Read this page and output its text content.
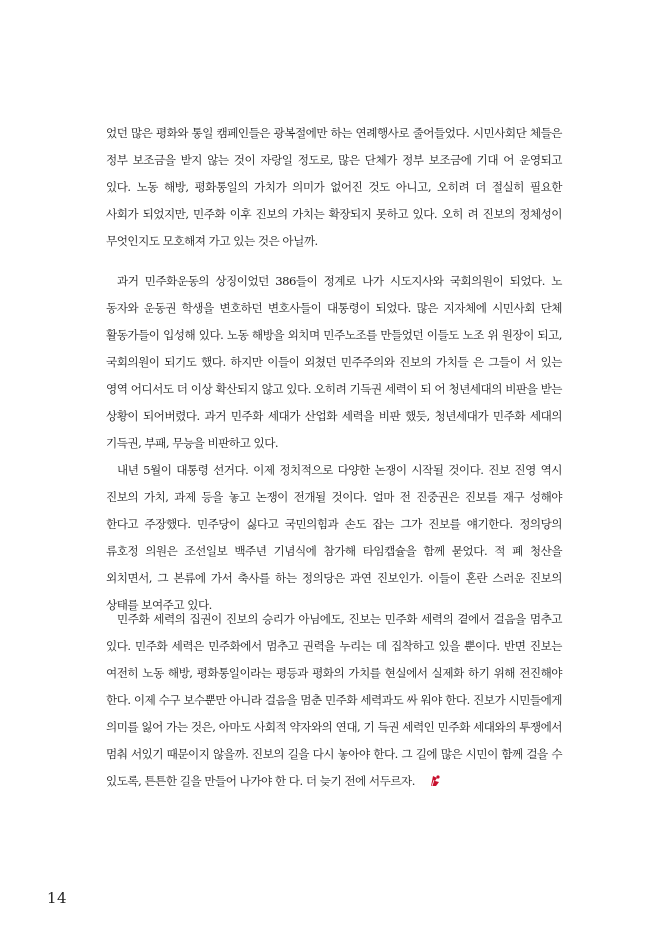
었던 많은 평화와 통일 캠페인들은 광복절에만 하는 연례행사로 줄어들었다. 시민사회단 체들은 정부 보조금을 받지 않는 것이 자랑일 정도로, 많은 단체가 정부 보조금에 기대 어 운영되고 있다. 노동 해방, 평화통일의 가치가 의미가 없어진 것도 아니고, 오히려 더 절실히 필요한 사회가 되었지만, 민주화 이후 진보의 가치는 확장되지 못하고 있다. 오히 려 진보의 정체성이 무엇인지도 모호해져 가고 있는 것은 아닐까.
과거 민주화운동의 상징이었던 386들이 정계로 나가 시도지사와 국회의원이 되었다. 노 동자와 운동권 학생을 변호하던 변호사들이 대통령이 되었다. 많은 지자체에 시민사회 단체 활동가들이 입성해 있다. 노동 해방을 외치며 민주노조를 만들었던 이들도 노조 위 원장이 되고, 국회의원이 되기도 했다. 하지만 이들이 외쳤던 민주주의와 진보의 가치들 은 그들이 서 있는 영역 어디서도 더 이상 확산되지 않고 있다. 오히려 기득권 세력이 되 어 청년세대의 비판을 받는 상황이 되어버렸다. 과거 민주화 세대가 산업화 세력을 비판 했듯, 청년세대가 민주화 세대의 기득권, 부패, 무능을 비판하고 있다.
내년 5월이 대통령 선거다. 이제 정치적으로 다양한 논쟁이 시작될 것이다. 진보 진영 역시 진보의 가치, 과제 등을 놓고 논쟁이 전개될 것이다. 얼마 전 진중권은 진보를 재구 성해야 한다고 주장했다. 민주당이 싫다고 국민의힘과 손도 잡는 그가 진보를 얘기한다. 정의당의 류호정 의원은 조선일보 백주년 기념식에 참가해 타임캡슐을 함께 묻었다. 적 폐 청산을 외치면서, 그 본류에 가서 축사를 하는 정의당은 과연 진보인가. 이들이 혼란 스러운 진보의 상태를 보여주고 있다.
민주화 세력의 집권이 진보의 승리가 아님에도, 진보는 민주화 세력의 곁에서 걸음을 멈추고 있다. 민주화 세력은 민주화에서 멈추고 권력을 누리는 데 집착하고 있을 뿐이다. 반면 진보는 여전히 노동 해방, 평화통일이라는 평등과 평화의 가치를 현실에서 실제화 하기 위해 전진해야 한다. 이제 수구 보수뿐만 아니라 걸음을 멈춘 민주화 세력과도 싸 워야 한다. 진보가 시민들에게 의미를 잃어 가는 것은, 아마도 사회적 약자와의 연대, 기 득권 세력인 민주화 세대와의 투쟁에서 멈춰 서있기 때문이지 않을까. 진보의 길을 다시 놓아야 한다. 그 길에 많은 시민이 함께 걸을 수 있도록, 튼튼한 길을 만들어 나가야 한 다. 더 늦기 전에 서두르자.
14
